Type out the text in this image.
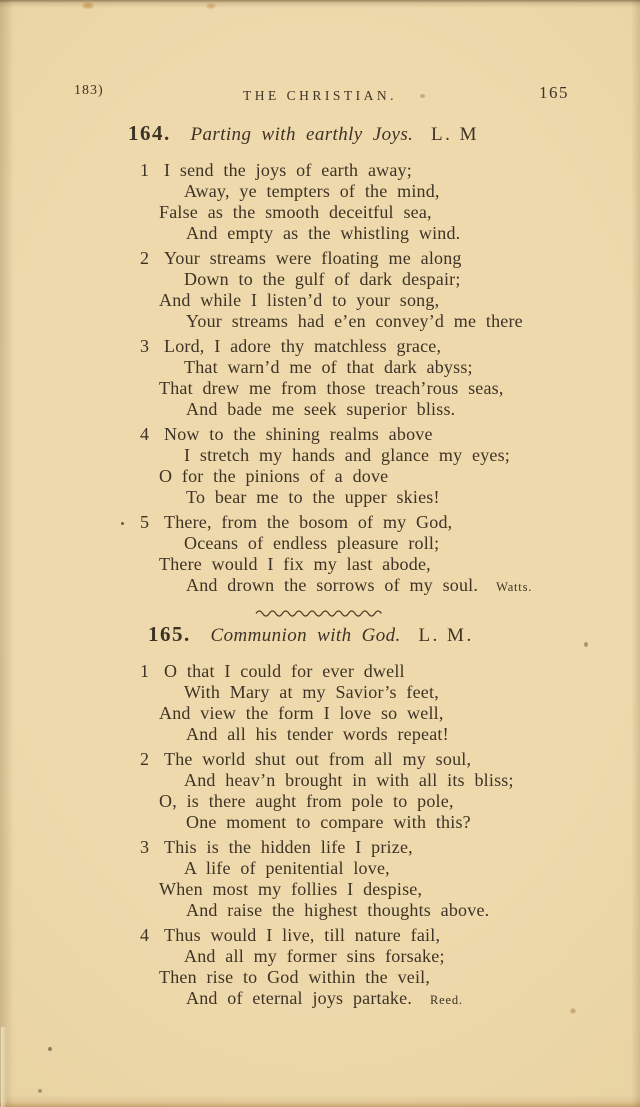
183)	THE CHRISTIAN.	165
164. Parting with earthly Joys. L. M

1 I send the joys of earth away;

Away, ye tempters of the mind,

False as the smooth deceitful sea,

And empty as the whistling wind.

2 Your streams were floating me along

Down to the gulf of dark despair;

And while I listen’d to your song,

Your streams had e’en convey’d me there

3 Lord, I adore thy matchless grace,

That warn’d me of that dark abyss;

That drew me from those treach’rous seas,

And bade me seek superior bliss.

4 Now to the shining realms above

I stretch my hands and glance my eyes;

O for the pinions of a dove

To bear me to the upper skies!

5 There, from the bosom of my God,

Oceans of endless pleasure roll;

There would I fix my last abode,

And drown the sorrows of my soul. Watts.

165. Communion with God. L. M.

1 O that I could for ever dwell

With Mary at my Savior’s feet,

And view the form I love so well,

And all his tender words repeat!

2 The world shut out from all my soul,

And heav’n brought in with all its bliss;

O, is there aught from pole to pole,

One moment to compare with this?

3 This is the hidden life I prize,

A life of penitential love,

When most my follies I despise,

And raise the highest thoughts above.

4 Thus would I live, till nature fail,

And all my former sins forsake;

Then rise to God within the veil,

And of eternal joys partake. Reed.
